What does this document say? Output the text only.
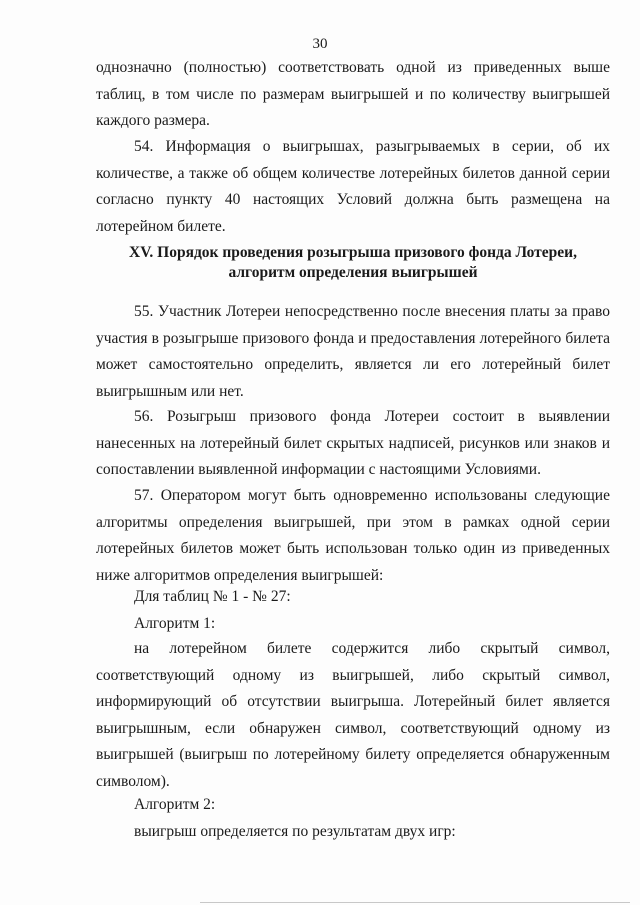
30
однозначно (полностью) соответствовать одной из приведенных выше таблиц, в том числе по размерам выигрышей и по количеству выигрышей каждого размера.
54. Информация о выигрышах, разыгрываемых в серии, об их количестве, а также об общем количестве лотерейных билетов данной серии согласно пункту 40 настоящих Условий должна быть размещена на лотерейном билете.
XV. Порядок проведения розыгрыша призового фонда Лотереи,
алгоритм определения выигрышей
55. Участник Лотереи непосредственно после внесения платы за право участия в розыгрыше призового фонда и предоставления лотерейного билета может самостоятельно определить, является ли его лотерейный билет выигрышным или нет.
56. Розыгрыш призового фонда Лотереи состоит в выявлении нанесенных на лотерейный билет скрытых надписей, рисунков или знаков и сопоставлении выявленной информации с настоящими Условиями.
57. Оператором могут быть одновременно использованы следующие алгоритмы определения выигрышей, при этом в рамках одной серии лотерейных билетов может быть использован только один из приведенных ниже алгоритмов определения выигрышей:
Для таблиц № 1 - № 27:
Алгоритм 1:
на лотерейном билете содержится либо скрытый символ, соответствующий одному из выигрышей, либо скрытый символ, информирующий об отсутствии выигрыша. Лотерейный билет является выигрышным, если обнаружен символ, соответствующий одному из выигрышей (выигрыш по лотерейному билету определяется обнаруженным символом).
Алгоритм 2:
выигрыш определяется по результатам двух игр:
